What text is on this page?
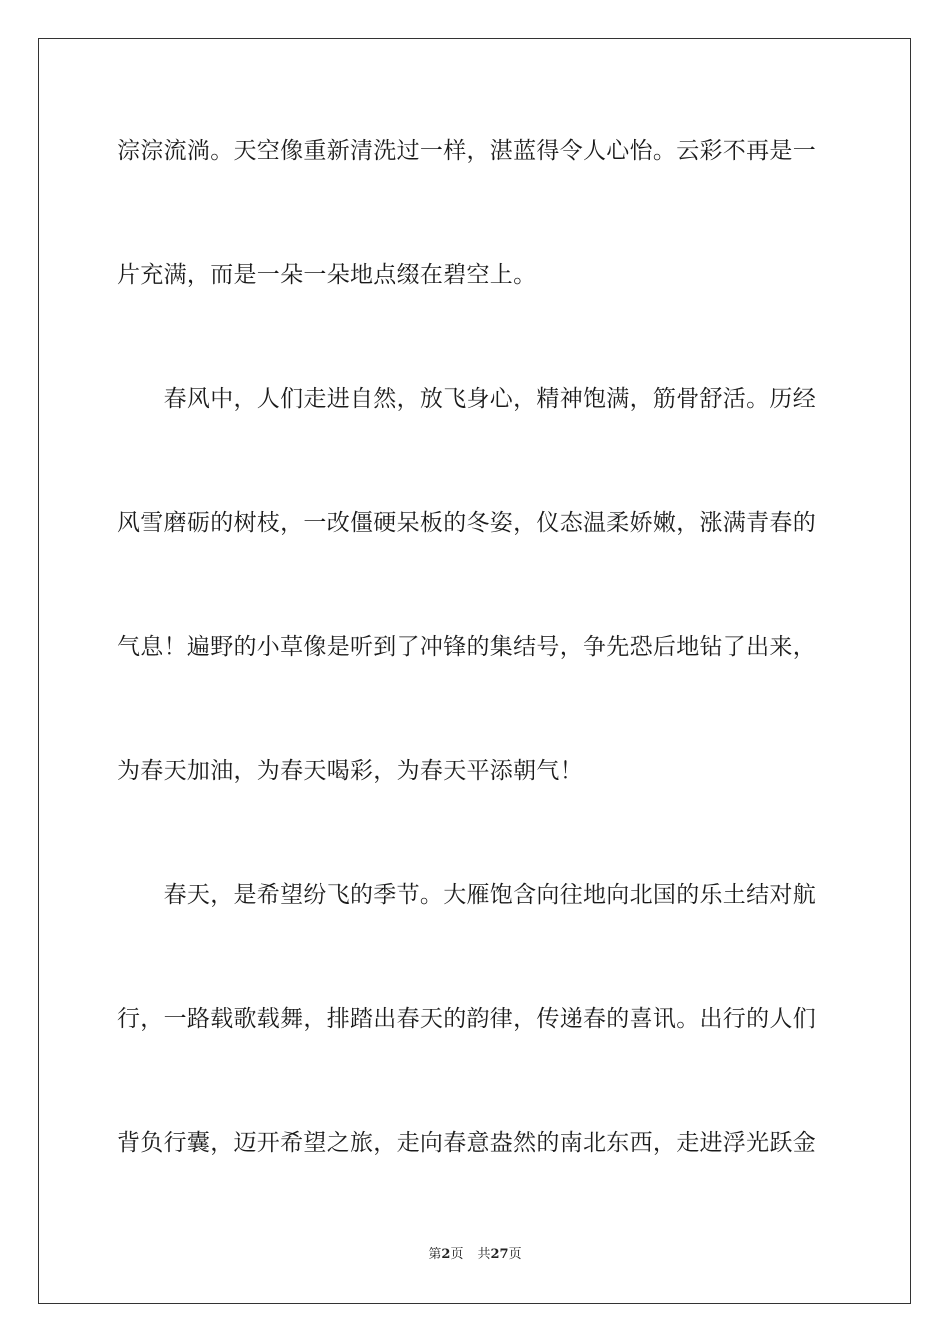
淙淙流淌。天空像重新清洗过一样，湛蓝得令人心怡。云彩不再是一
片充满，而是一朵一朵地点缀在碧空上。
　　春风中，人们走进自然，放飞身心，精神饱满，筋骨舒活。历经
风雪磨砺的树枝，一改僵硬呆板的冬姿，仪态温柔娇嫩，涨满青春的
气息！遍野的小草像是听到了冲锋的集结号，争先恐后地钻了出来，
为春天加油，为春天喝彩，为春天平添朝气！
　　春天，是希望纷飞的季节。大雁饱含向往地向北国的乐土结对航
行，一路载歌载舞，排踏出春天的韵律，传递春的喜讯。出行的人们
背负行囊，迈开希望之旅，走向春意盎然的南北东西，走进浮光跃金
第2页 共27页
